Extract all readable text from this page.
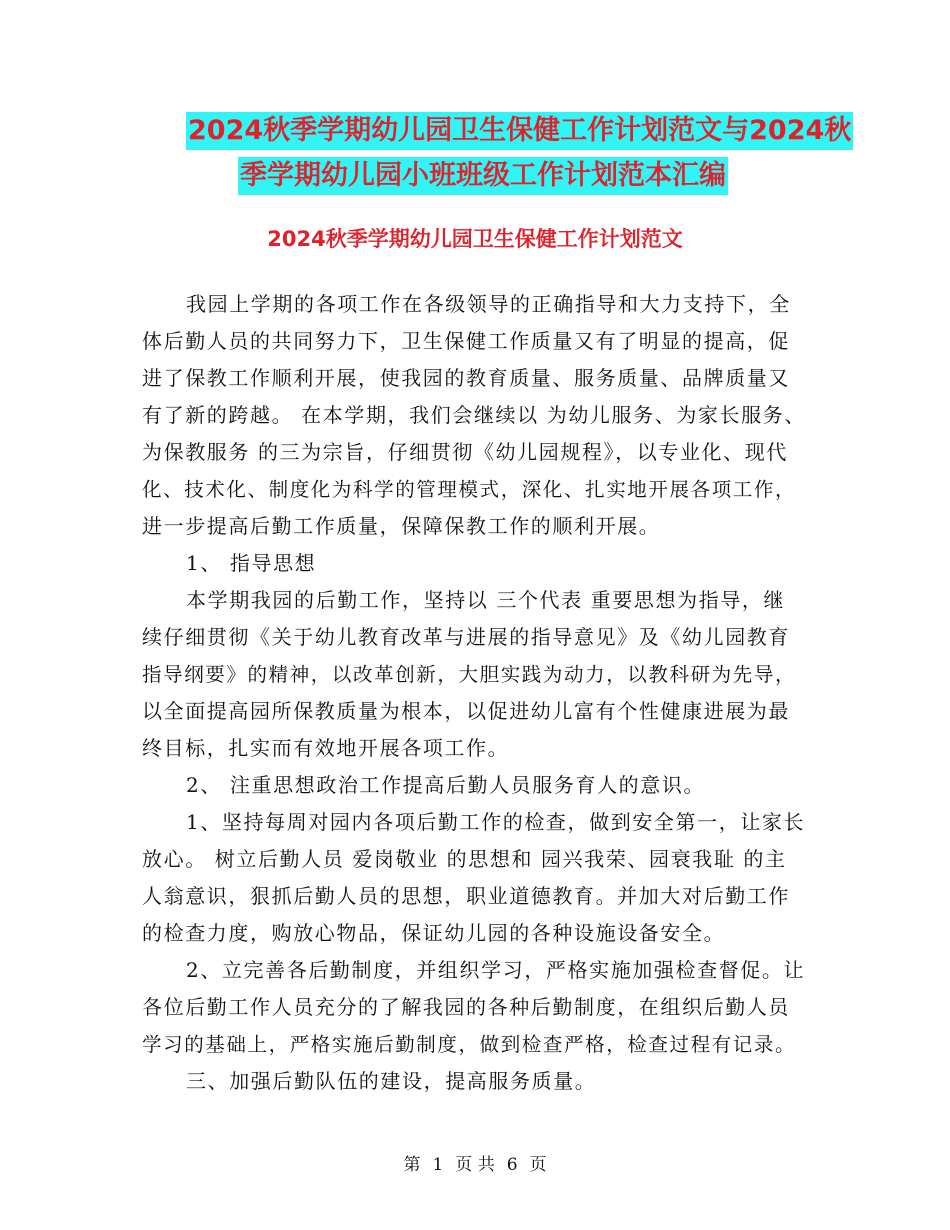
2024秋季学期幼儿园卫生保健工作计划范文与2024秋
季学期幼儿园小班班级工作计划范本汇编
2024秋季学期幼儿园卫生保健工作计划范文
我园上学期的各项工作在各级领导的正确指导和大力支持下，全
体后勤人员的共同努力下，卫生保健工作质量又有了明显的提高，促
进了保教工作顺利开展，使我园的教育质量、服务质量、品牌质量又
有了新的跨越。 在本学期，我们会继续以 为幼儿服务、为家长服务、
为保教服务 的三为宗旨，仔细贯彻《幼儿园规程》，以专业化、现代
化、技术化、制度化为科学的管理模式，深化、扎实地开展各项工作，
进一步提高后勤工作质量，保障保教工作的顺利开展。
1、 指导思想
本学期我园的后勤工作，坚持以 三个代表 重要思想为指导，继
续仔细贯彻《关于幼儿教育改革与进展的指导意见》及《幼儿园教育
指导纲要》的精神，以改革创新，大胆实践为动力，以教科研为先导，
以全面提高园所保教质量为根本，以促进幼儿富有个性健康进展为最
终目标，扎实而有效地开展各项工作。
2、 注重思想政治工作提高后勤人员服务育人的意识。
1、坚持每周对园内各项后勤工作的检查，做到安全第一，让家长
放心。 树立后勤人员 爱岗敬业 的思想和 园兴我荣、园衰我耻 的主
人翁意识，狠抓后勤人员的思想，职业道德教育。并加大对后勤工作
的检查力度，购放心物品，保证幼儿园的各种设施设备安全。
2、立完善各后勤制度，并组织学习，严格实施加强检查督促。让
各位后勤工作人员充分的了解我园的各种后勤制度，在组织后勤人员
学习的基础上，严格实施后勤制度，做到检查严格，检查过程有记录。
三、加强后勤队伍的建设，提高服务质量。
第 1 页 共 6 页
